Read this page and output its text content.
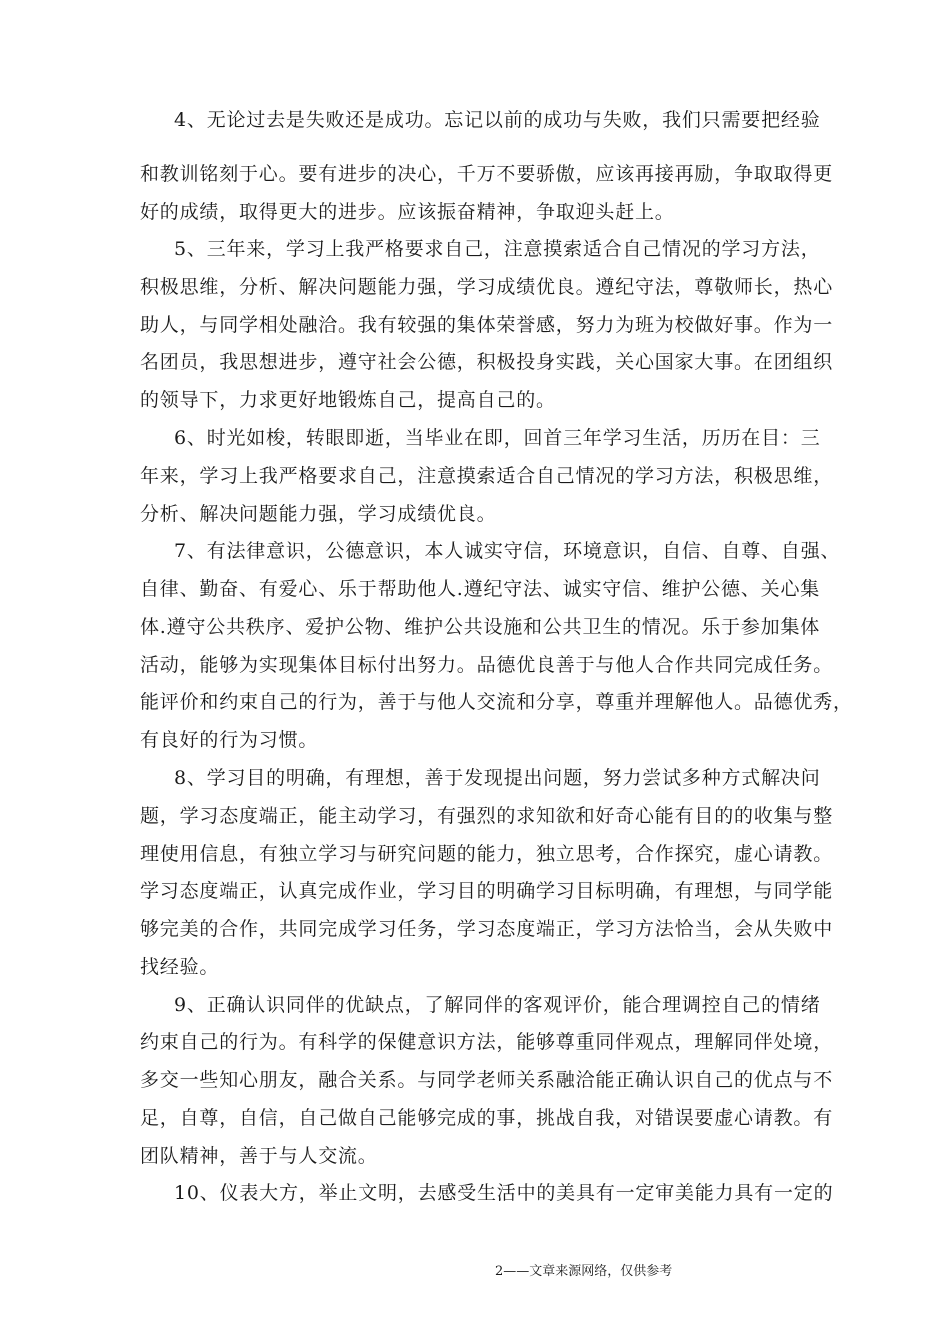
4、无论过去是失败还是成功。忘记以前的成功与失败，我们只需要把经验
和教训铭刻于心。要有进步的决心，千万不要骄傲，应该再接再励，争取取得更
好的成绩，取得更大的进步。应该振奋精神，争取迎头赶上。
5、三年来，学习上我严格要求自己，注意摸索适合自己情况的学习方法，
积极思维，分析、解决问题能力强，学习成绩优良。遵纪守法，尊敬师长，热心
助人，与同学相处融洽。我有较强的集体荣誉感，努力为班为校做好事。作为一
名团员，我思想进步，遵守社会公德，积极投身实践，关心国家大事。在团组织
的领导下，力求更好地锻炼自己，提高自己的。
6、时光如梭，转眼即逝，当毕业在即，回首三年学习生活，历历在目：三
年来，学习上我严格要求自己，注意摸索适合自己情况的学习方法，积极思维，
分析、解决问题能力强，学习成绩优良。
7、有法律意识，公德意识，本人诚实守信，环境意识，自信、自尊、自强、
自律、勤奋、有爱心、乐于帮助他人.遵纪守法、诚实守信、维护公德、关心集
体.遵守公共秩序、爱护公物、维护公共设施和公共卫生的情况。乐于参加集体
活动，能够为实现集体目标付出努力。品德优良善于与他人合作共同完成任务。
能评价和约束自己的行为，善于与他人交流和分享，尊重并理解他人。品德优秀，
有良好的行为习惯。
8、学习目的明确，有理想，善于发现提出问题，努力尝试多种方式解决问
题，学习态度端正，能主动学习，有强烈的求知欲和好奇心能有目的的收集与整
理使用信息，有独立学习与研究问题的能力，独立思考，合作探究，虚心请教。
学习态度端正，认真完成作业，学习目的明确学习目标明确，有理想，与同学能
够完美的合作，共同完成学习任务，学习态度端正，学习方法恰当，会从失败中
找经验。
9、正确认识同伴的优缺点，了解同伴的客观评价，能合理调控自己的情绪
约束自己的行为。有科学的保健意识方法，能够尊重同伴观点，理解同伴处境，
多交一些知心朋友，融合关系。与同学老师关系融洽能正确认识自己的优点与不
足，自尊，自信，自己做自己能够完成的事，挑战自我，对错误要虚心请教。有
团队精神，善于与人交流。
10、仪表大方，举止文明，去感受生活中的美具有一定审美能力具有一定的
2——文章来源网络，仅供参考
